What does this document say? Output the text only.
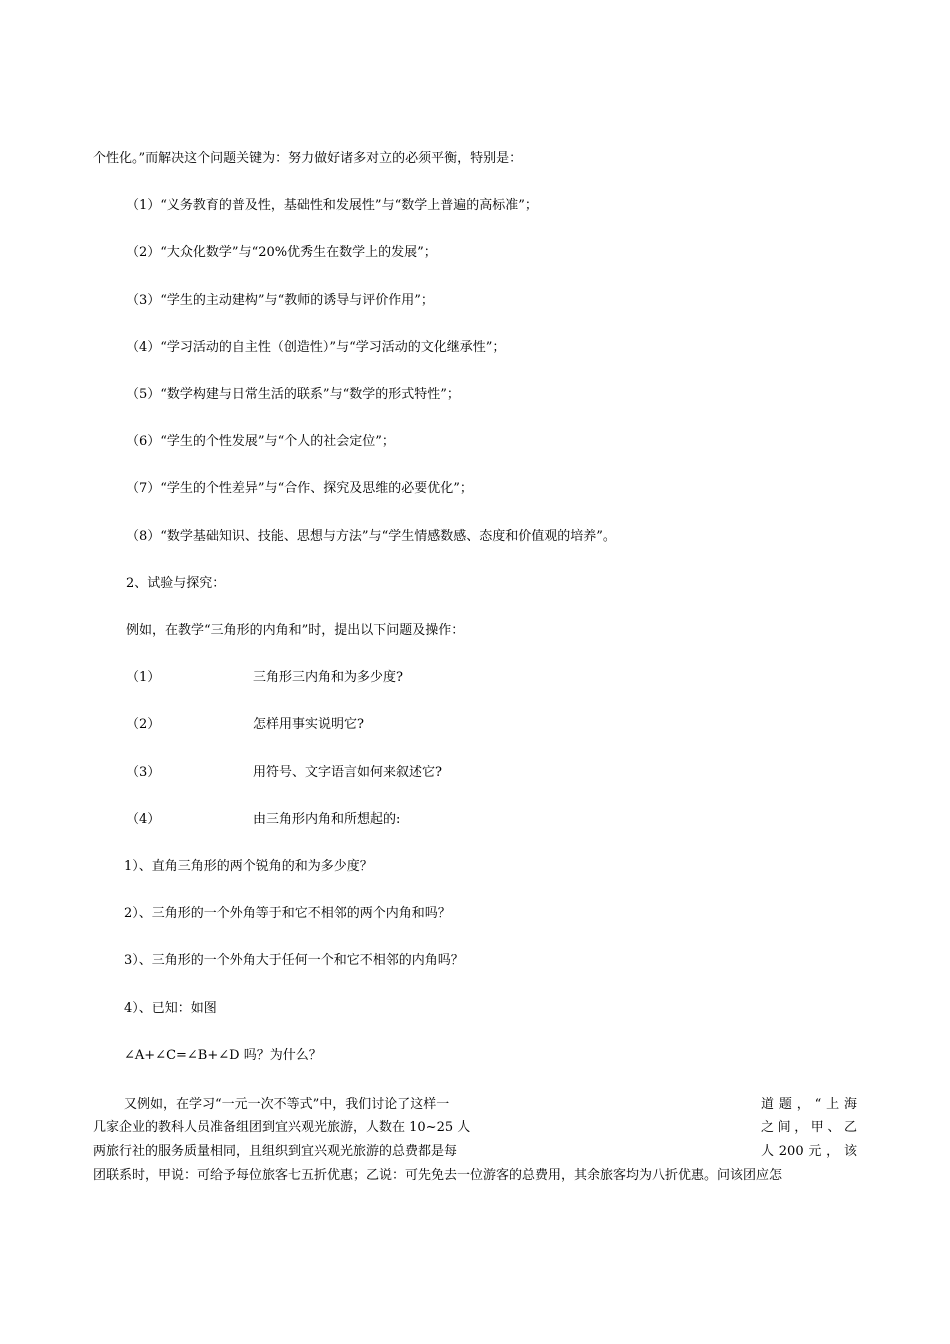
个性化。”而解决这个问题关键为：努力做好诸多对立的必须平衡，特别是：
（1）“义务教育的普及性，基础性和发展性”与“数学上普遍的高标准”；
（2）“大众化数学”与“20%优秀生在数学上的发展”；
（3）“学生的主动建构”与“教师的诱导与评价作用”；
（4）“学习活动的自主性（创造性）”与“学习活动的文化继承性”；
（5）“数学构建与日常生活的联系”与“数学的形式特性”；
（6）“学生的个性发展”与“个人的社会定位”；
（7）“学生的个性差异”与“合作、探究及思维的必要优化”；
（8）“数学基础知识、技能、思想与方法”与“学生情感数感、态度和价值观的培养”。
2、试验与探究：
例如，在教学“三角形的内角和”时，提出以下问题及操作：
（1）	三角形三内角和为多少度?
（2）	怎样用事实说明它?
（3）	用符号、文字语言如何来叙述它?
（4）	由三角形内角和所想起的:
1）、直角三角形的两个锐角的和为多少度？
2）、三角形的一个外角等于和它不相邻的两个内角和吗？
3）、三角形的一个外角大于任何一个和它不相邻的内角吗？
4）、已知：如图
∠A+∠C=∠B+∠D 吗？为什么？
又例如，在学习“一元一次不等式”中，我们讨论了这样一	道 题 ， “ 上 海
几家企业的教科人员准备组团到宜兴观光旅游，人数在 10~25 人	之 间 ， 甲 、 乙
两旅行社的服务质量相同，且组织到宜兴观光旅游的总费都是每	人 200 元 ， 该
团联系时，甲说：可给予每位旅客七五折优惠；乙说：可先免去一位游客的总费用，其余旅客均为八折优惠。问该团应怎
